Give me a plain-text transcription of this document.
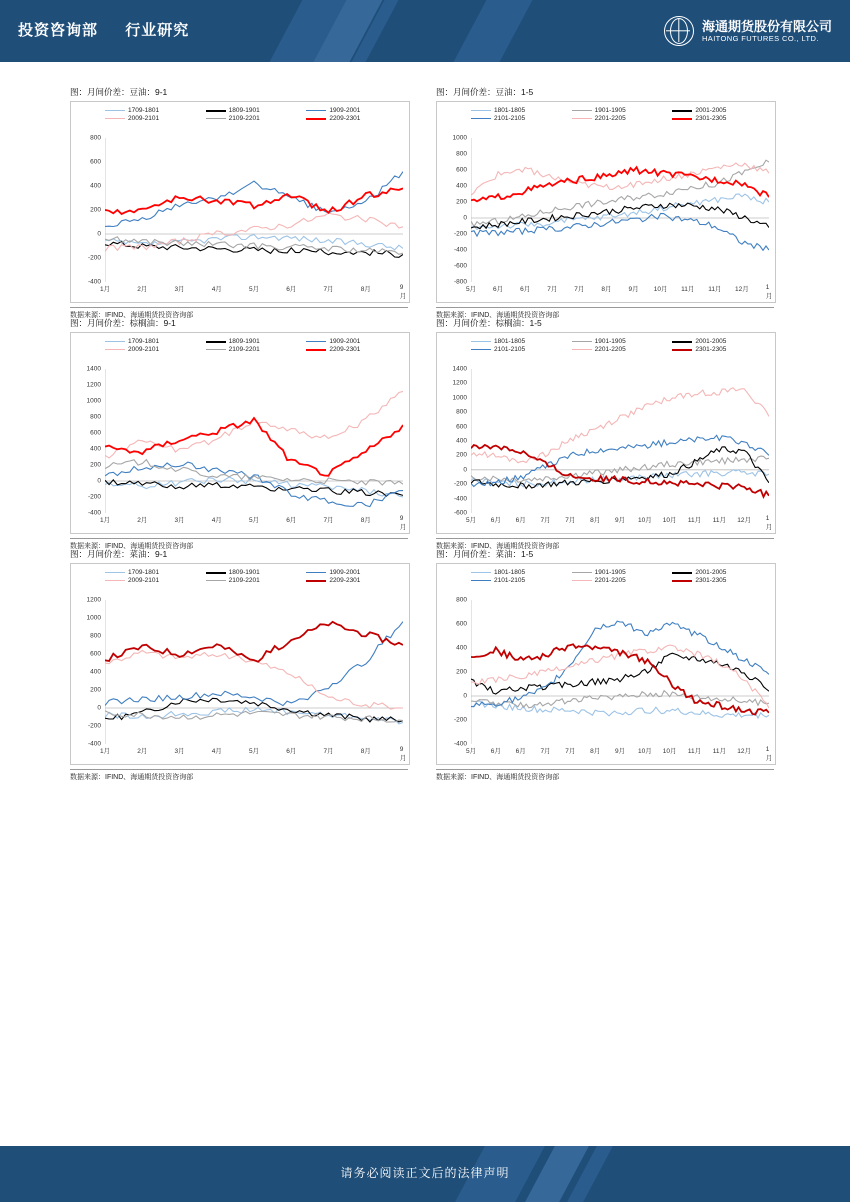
投资咨询部 行业研究	海通期货股份有限公司
HAITONG FUTURES CO., LTD.
图：月间价差：豆油：9-1
1709-1801	1809-1901	1909-2001
2009-2101	2109-2201	2209-2301
-400
-200
0
200
400
600
800
1月	2月	3月	4月	5月	6月	7月	8月	9月
数据来源：IFIND、海通期货投资咨询部
图：月间价差：豆油：1-5
1801-1805	1901-1905	2001-2005
2101-2105	2201-2205	2301-2305
-800
-600
-400
-200
0
200
400
600
800
1000
5月	6月	6月	7月	7月	8月	9月 10月 11月 11月 12月	1月
数据来源：IFIND、海通期货投资咨询部
图：月间价差：棕榈油：9-1
1709-1801	1809-1901	1909-2001
2009-2101	2109-2201	2209-2301
-400
-200
0
200
400
600
800
1000
1200
1400
1月	2月	3月	4月	5月	6月	7月	8月	9月
数据来源：IFIND、海通期货投资咨询部
图：月间价差：棕榈油：1-5
1801-1805	1901-1905	2001-2005
2101-2105	2201-2205	2301-2305
-600
-400
-200
0
200
400
600
800
1000
1200
1400
5月 6月 6月 7月 7月 8月 9月 10月 10月 11月 11月 12月 1月
数据来源：IFIND、海通期货投资咨询部
图：月间价差：菜油：9-1
1709-1801	1809-1901	1909-2001
2009-2101	2109-2201	2209-2301
-400
-200
0
200
400
600
800
1000
1200
1月	2月	3月	4月	5月	6月	7月	8月	9月
数据来源：IFIND、海通期货投资咨询部
图：月间价差：菜油：1-5
1801-1805	1901-1905	2001-2005
2101-2105	2201-2205	2301-2305
-400
-200
0
200
400
600
800
5月 6月 6月 7月 7月 8月 9月 10月 10月 11月 11月 12月 1月
数据来源：IFIND、海通期货投资咨询部
请务必阅读正文后的法律声明
